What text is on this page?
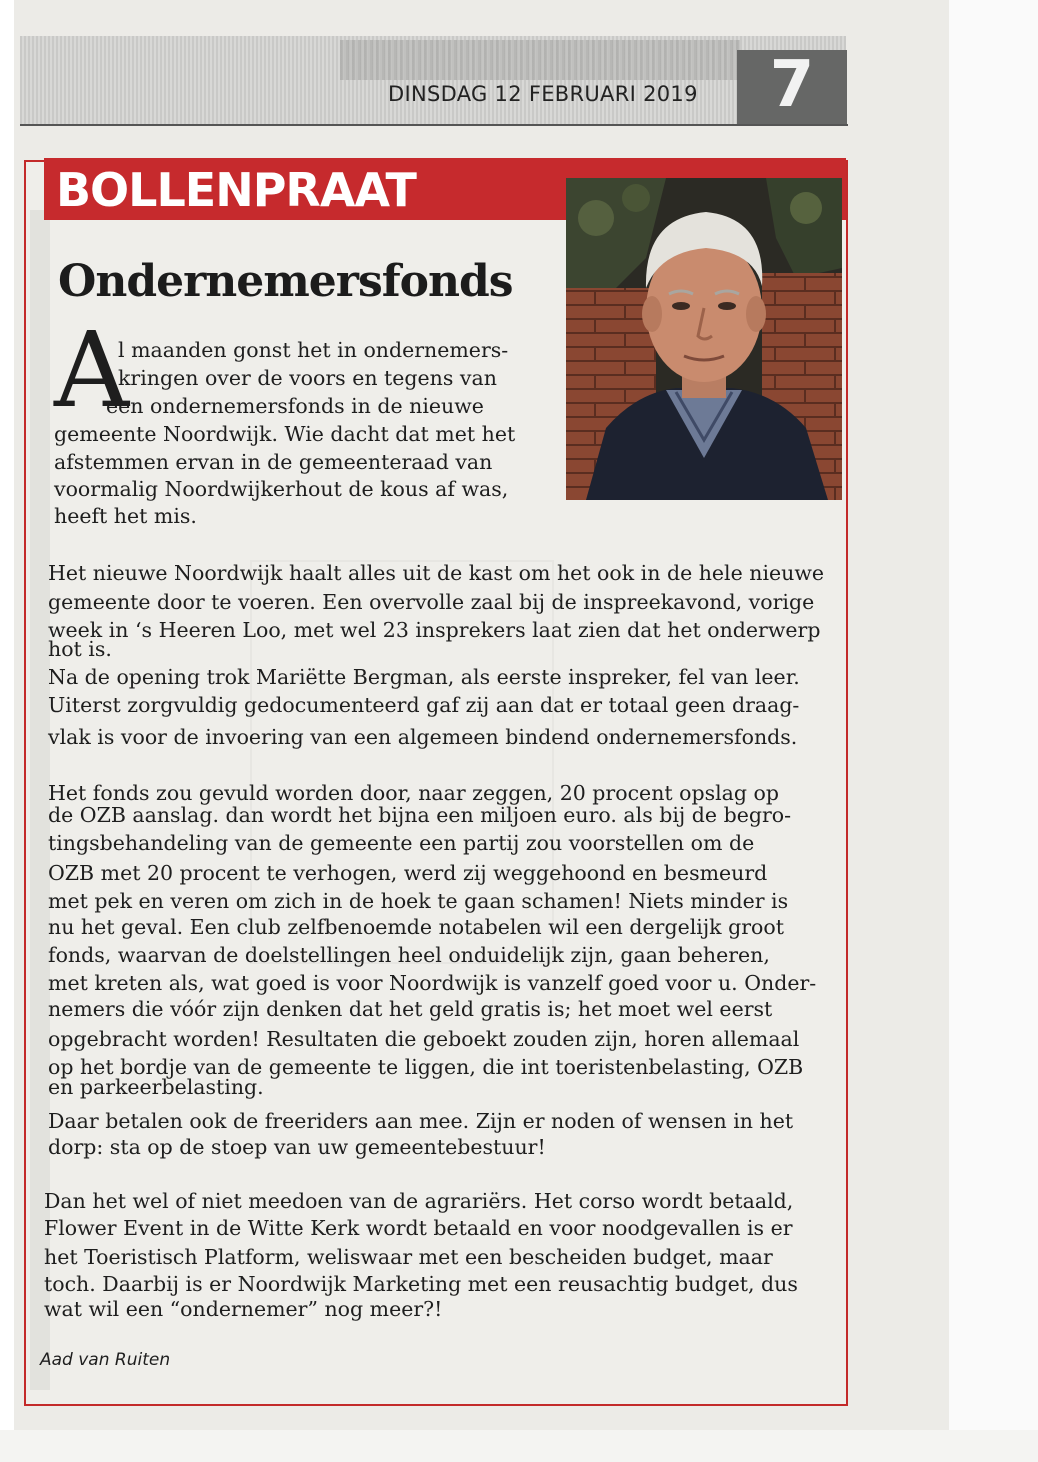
DINSDAG 12 FEBRUARI 2019	7
BOLLENPRAAT
Ondernemersfonds
A
l maanden gonst het in ondernemers-
kringen over de voors en tegens van
een ondernemersfonds in de nieuwe
gemeente Noordwijk. Wie dacht dat met het
afstemmen ervan in de gemeenteraad van
voormalig Noordwijkerhout de kous af was,
heeft het mis.
Het nieuwe Noordwijk haalt alles uit de kast om het ook in de hele nieuwe
gemeente door te voeren. Een overvolle zaal bij de inspreekavond, vorige
week in ‘s Heeren Loo, met wel 23 insprekers laat zien dat het onderwerp
hot is.
Na de opening trok Mariëtte Bergman, als eerste inspreker, fel van leer.
Uiterst zorgvuldig gedocumenteerd gaf zij aan dat er totaal geen draag-
vlak is voor de invoering van een algemeen bindend ondernemersfonds.
Het fonds zou gevuld worden door, naar zeggen, 20 procent opslag op
de OZB aanslag. dan wordt het bijna een miljoen euro. als bij de begro-
tingsbehandeling van de gemeente een partij zou voorstellen om de
OZB met 20 procent te verhogen, werd zij weggehoond en besmeurd
met pek en veren om zich in de hoek te gaan schamen! Niets minder is
nu het geval. Een club zelfbenoemde notabelen wil een dergelijk groot
fonds, waarvan de doelstellingen heel onduidelijk zijn, gaan beheren,
met kreten als, wat goed is voor Noordwijk is vanzelf goed voor u. Onder-
nemers die vóór zijn denken dat het geld gratis is; het moet wel eerst
opgebracht worden! Resultaten die geboekt zouden zijn, horen allemaal
op het bordje van de gemeente te liggen, die int toeristenbelasting, OZB
en parkeerbelasting.
Daar betalen ook de freeriders aan mee. Zijn er noden of wensen in het
dorp: sta op de stoep van uw gemeentebestuur!
Dan het wel of niet meedoen van de agrariërs. Het corso wordt betaald,
Flower Event in de Witte Kerk wordt betaald en voor noodgevallen is er
het Toeristisch Platform, weliswaar met een bescheiden budget, maar
toch. Daarbij is er Noordwijk Marketing met een reusachtig budget, dus
wat wil een “ondernemer” nog meer?!
Aad van Ruiten
